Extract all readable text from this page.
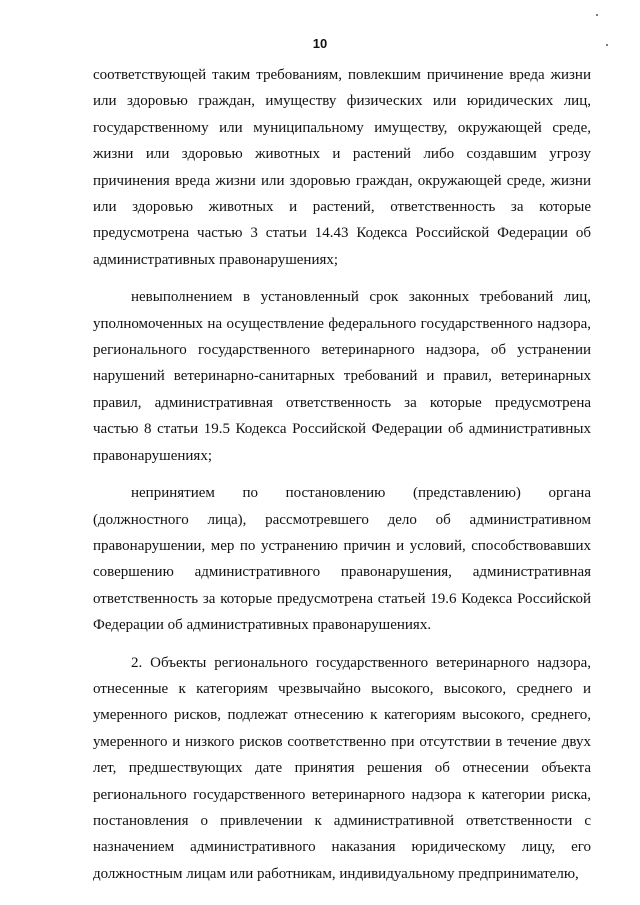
10

соответствующей таким требованиям, повлекшим причинение вреда жизни
или здоровью граждан, имуществу физических или юридических лиц,
государственному или муниципальному имуществу, окружающей среде,
жизни или здоровью животных и растений либо создавшим угрозу
причинения вреда жизни или здоровью граждан, окружающей среде, жизни
или здоровью животных и растений, ответственность за которые
предусмотрена частью 3 статьи 14.43 Кодекса Российской Федерации об
административных правонарушениях;

невыполнением в установленный срок законных требований лиц,
уполномоченных на осуществление федерального государственного надзора,
регионального государственного ветеринарного надзора, об устранении
нарушений ветеринарно-санитарных требований и правил, ветеринарных
правил, административная ответственность за которые предусмотрена
частью 8 статьи 19.5 Кодекса Российской Федерации об административных
правонарушениях;

непринятием по постановлению (представлению) органа
(должностного лица), рассмотревшего дело об административном
правонарушении, мер по устранению причин и условий, способствовавших
совершению административного правонарушения, административная
ответственность за которые предусмотрена статьей 19.6 Кодекса Российской
Федерации об административных правонарушениях.

2. Объекты регионального государственного ветеринарного надзора,
отнесенные к категориям чрезвычайно высокого, высокого, среднего и
умеренного рисков, подлежат отнесению к категориям высокого, среднего,
умеренного и низкого рисков соответственно при отсутствии в течение двух
лет, предшествующих дате принятия решения об отнесении объекта
регионального государственного ветеринарного надзора к категории риска,
постановления о привлечении к административной ответственности с
назначением административного наказания юридическому лицу, его
должностным лицам или работникам, индивидуальному предпринимателю,
